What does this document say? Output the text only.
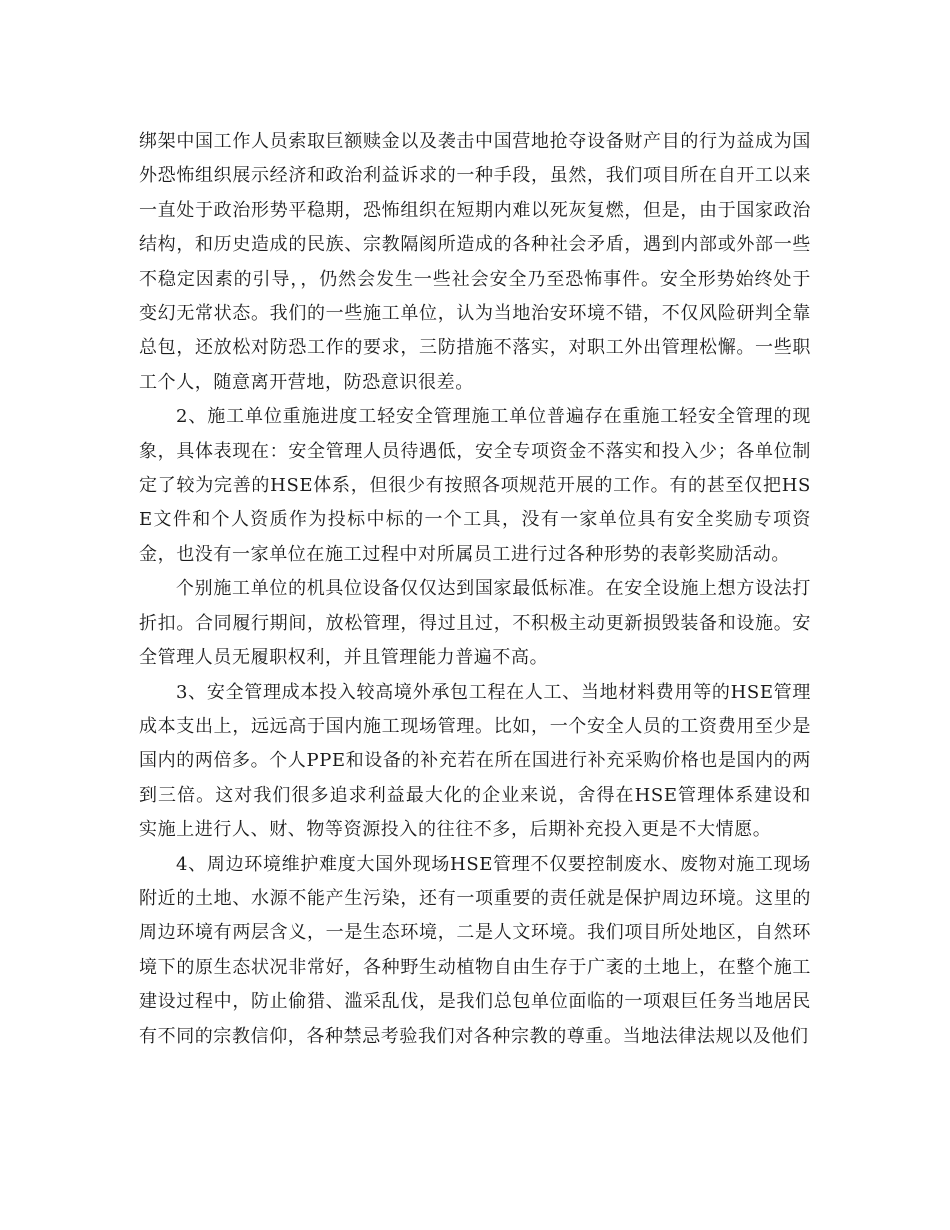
绑架中国工作人员索取巨额赎金以及袭击中国营地抢夺设备财产目的行为益成为国外恐怖组织展示经济和政治利益诉求的一种手段，虽然，我们项目所在自开工以来一直处于政治形势平稳期，恐怖组织在短期内难以死灰复燃，但是，由于国家政治结构，和历史造成的民族、宗教隔阂所造成的各种社会矛盾，遇到内部或外部一些不稳定因素的引导，，仍然会发生一些社会安全乃至恐怖事件。安全形势始终处于变幻无常状态。我们的一些施工单位，认为当地治安环境不错，不仅风险研判全靠总包，还放松对防恐工作的要求，三防措施不落实，对职工外出管理松懈。一些职工个人，随意离开营地，防恐意识很差。

2、施工单位重施进度工轻安全管理施工单位普遍存在重施工轻安全管理的现象，具体表现在：安全管理人员待遇低，安全专项资金不落实和投入少；各单位制定了较为完善的HSE体系，但很少有按照各项规范开展的工作。有的甚至仅把HSE文件和个人资质作为投标中标的一个工具，没有一家单位具有安全奖励专项资金，也没有一家单位在施工过程中对所属员工进行过各种形势的表彰奖励活动。

个别施工单位的机具位设备仅仅达到国家最低标准。在安全设施上想方设法打折扣。合同履行期间，放松管理，得过且过，不积极主动更新损毁装备和设施。安全管理人员无履职权利，并且管理能力普遍不高。

3、安全管理成本投入较高境外承包工程在人工、当地材料费用等的HSE管理成本支出上，远远高于国内施工现场管理。比如，一个安全人员的工资费用至少是国内的两倍多。个人PPE和设备的补充若在所在国进行补充采购价格也是国内的两到三倍。这对我们很多追求利益最大化的企业来说，舍得在HSE管理体系建设和实施上进行人、财、物等资源投入的往往不多，后期补充投入更是不大情愿。

4、周边环境维护难度大国外现场HSE管理不仅要控制废水、废物对施工现场附近的土地、水源不能产生污染，还有一项重要的责任就是保护周边环境。这里的周边环境有两层含义，一是生态环境，二是人文环境。我们项目所处地区，自然环境下的原生态状况非常好，各种野生动植物自由生存于广袤的土地上，在整个施工建设过程中，防止偷猎、滥采乱伐，是我们总包单位面临的一项艰巨任务当地居民有不同的宗教信仰，各种禁忌考验我们对各种宗教的尊重。当地法律法规以及他们
